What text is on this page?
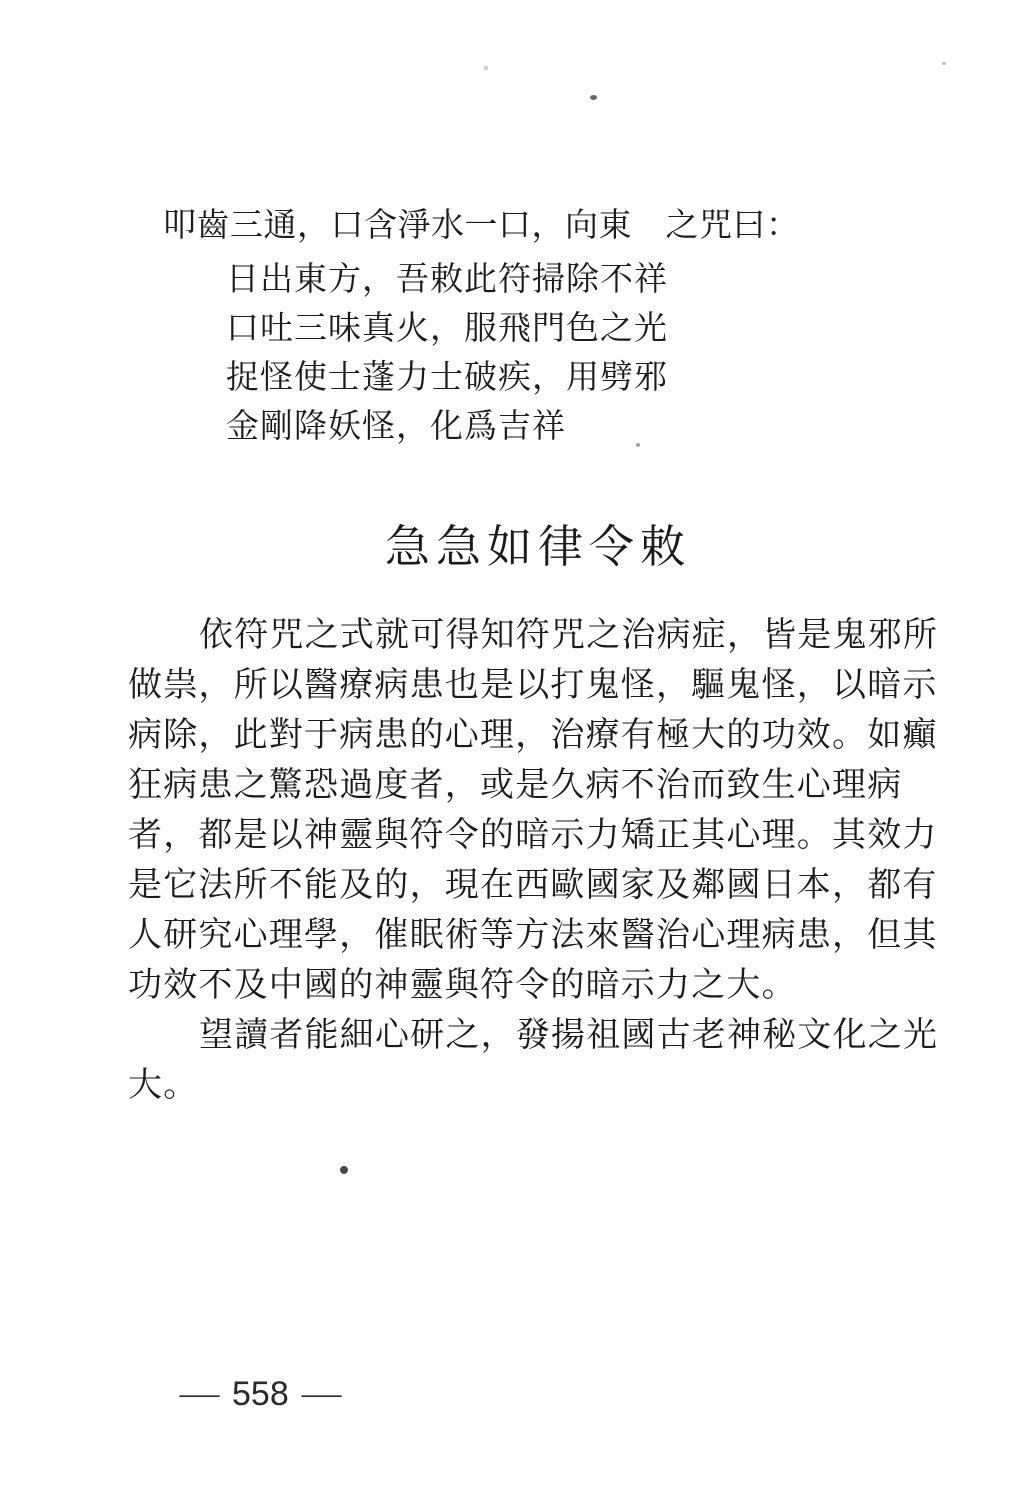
叩齒三通，口含淨水一口，向東　之咒曰：
日出東方，吾敕此符掃除不祥
口吐三味真火，服飛門色之光
捉怪使士蓬力士破疾，用劈邪
金剛降妖怪，化爲吉祥
急急如律令敕
依符咒之式就可得知符咒之治病症，皆是鬼邪所
做祟，所以醫療病患也是以打鬼怪，驅鬼怪，以暗示
病除，此對于病患的心理，治療有極大的功效。如癲
狂病患之驚恐過度者，或是久病不治而致生心理病
者，都是以神靈與符令的暗示力矯正其心理。其效力
是它法所不能及的，現在西歐國家及鄰國日本，都有
人研究心理學，催眠術等方法來醫治心理病患，但其
功效不及中國的神靈與符令的暗示力之大。
望讀者能細心研之，發揚祖國古老神秘文化之光
大。
— 558 —
